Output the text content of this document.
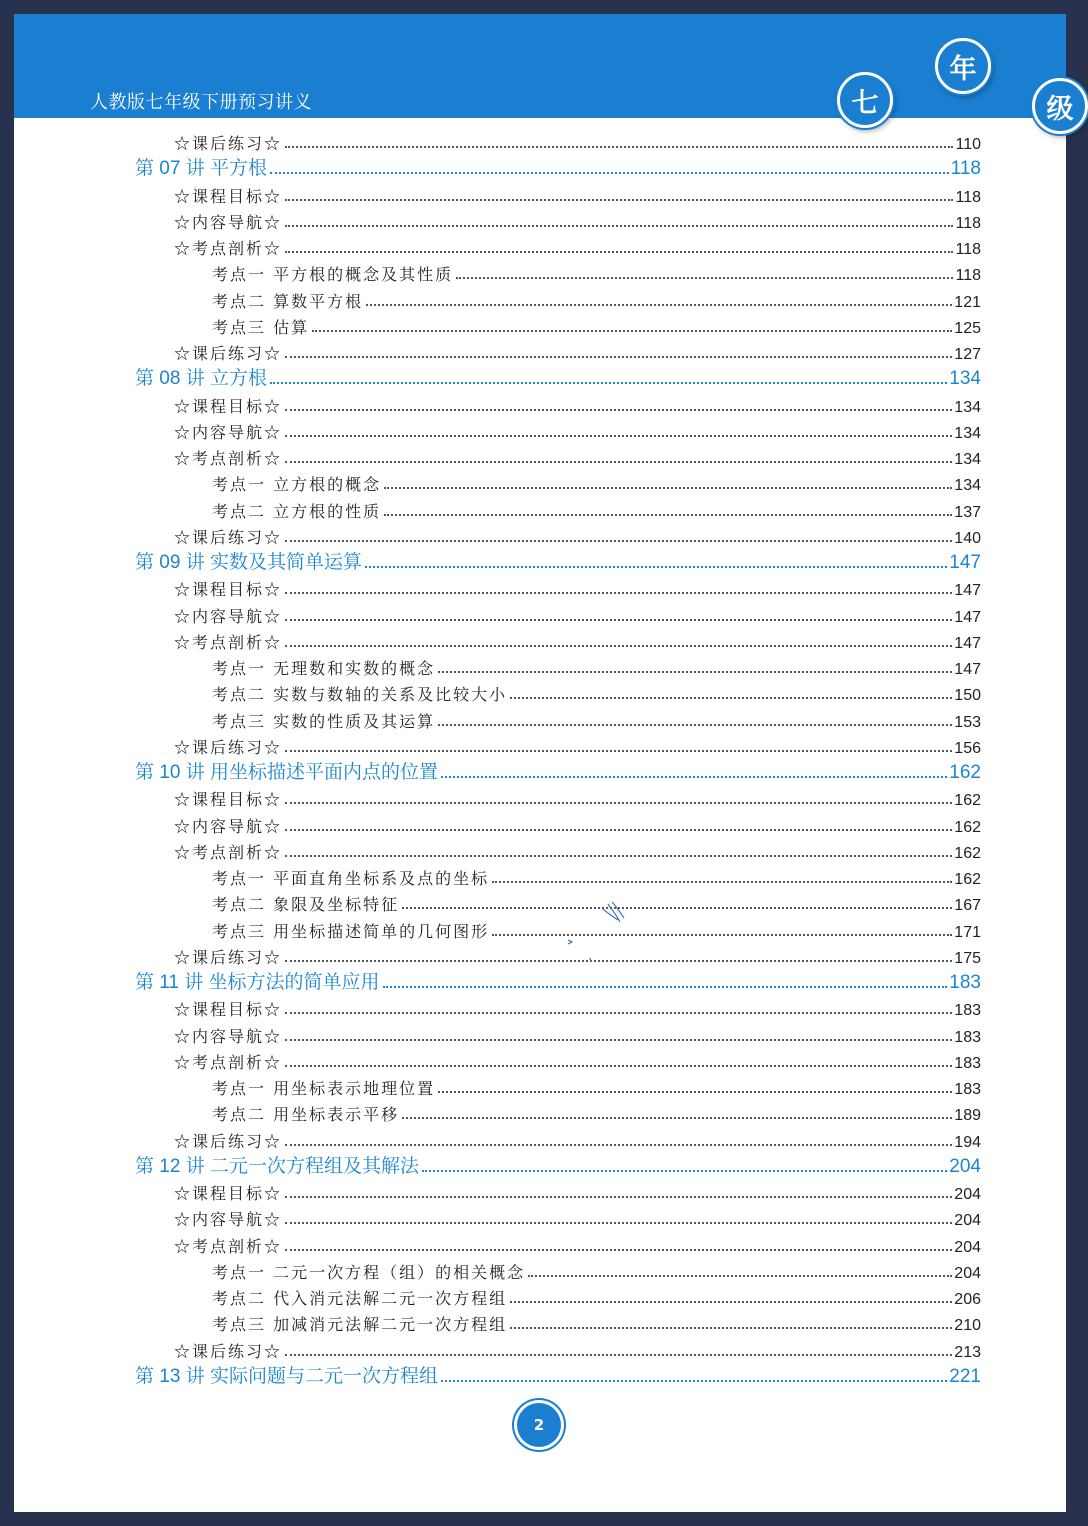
人教版七年级下册预习讲义	七
年
级
☆课后练习☆	110
第 07 讲 平方根	118
☆课程目标☆	118
☆内容导航☆	118
☆考点剖析☆	118
考点一 平方根的概念及其性质	118
考点二 算数平方根	121
考点三 估算	125
☆课后练习☆	127
第 08 讲 立方根	134
☆课程目标☆	134
☆内容导航☆	134
☆考点剖析☆	134
考点一 立方根的概念	134
考点二 立方根的性质	137
☆课后练习☆	140
第 09 讲 实数及其简单运算	147
☆课程目标☆	147
☆内容导航☆	147
☆考点剖析☆	147
考点一 无理数和实数的概念	147
考点二 实数与数轴的关系及比较大小	150
考点三 实数的性质及其运算	153
☆课后练习☆	156
第 10 讲 用坐标描述平面内点的位置	162
☆课程目标☆	162
☆内容导航☆	162
☆考点剖析☆	162
考点一 平面直角坐标系及点的坐标	162
考点二 象限及坐标特征	167
考点三 用坐标描述简单的几何图形	171
☆课后练习☆	175
第 11 讲 坐标方法的简单应用	183
☆课程目标☆	183
☆内容导航☆	183
☆考点剖析☆	183
考点一 用坐标表示地理位置	183
考点二 用坐标表示平移	189
☆课后练习☆	194
第 12 讲 二元一次方程组及其解法	204
☆课程目标☆	204
☆内容导航☆	204
☆考点剖析☆	204
考点一 二元一次方程（组）的相关概念	204
考点二 代入消元法解二元一次方程组	206
考点三 加减消元法解二元一次方程组	210
☆课后练习☆	213
第 13 讲 实际问题与二元一次方程组	221
2
